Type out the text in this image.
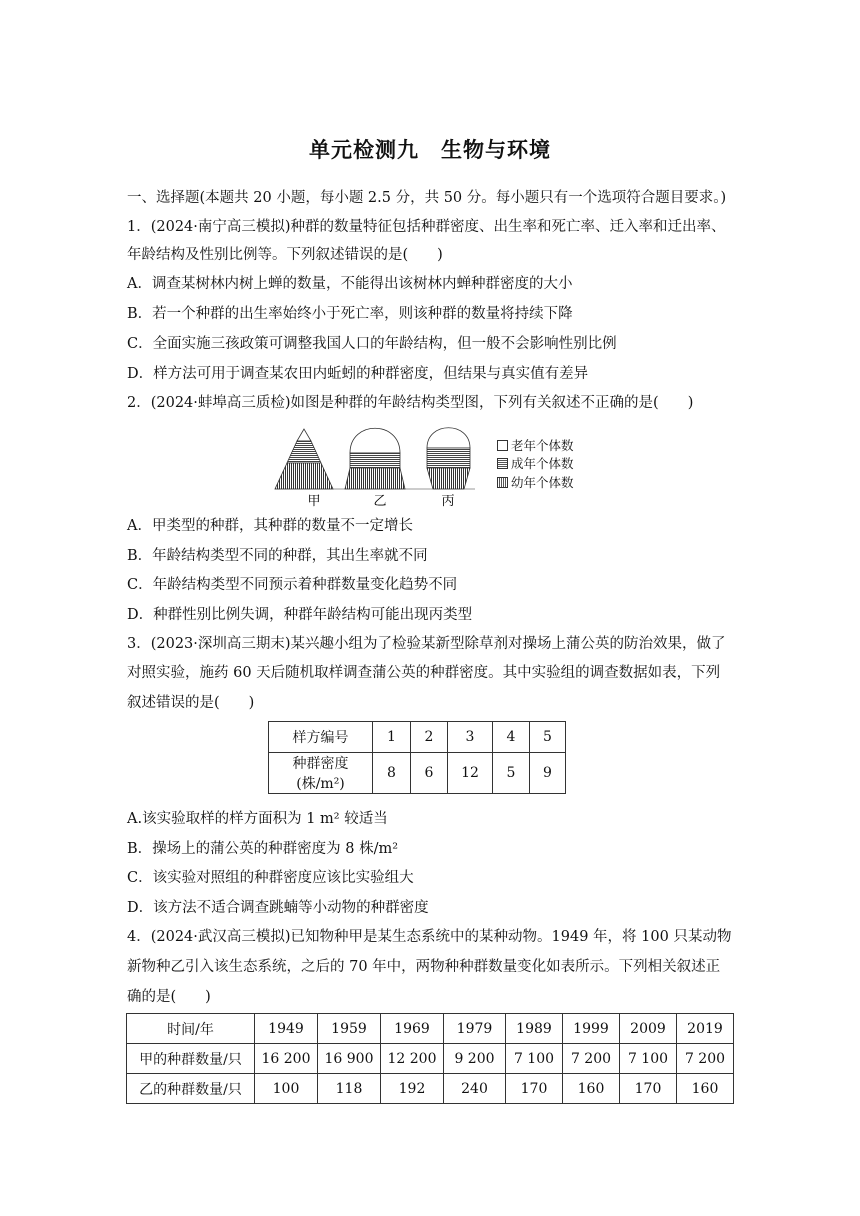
单元检测九　生物与环境
一、选择题(本题共 20 小题，每小题 2.5 分，共 50 分。每小题只有一个选项符合题目要求。)
1．(2024·南宁高三模拟)种群的数量特征包括种群密度、出生率和死亡率、迁入率和迁出率、
年龄结构及性别比例等。下列叙述错误的是(　　)
A．调查某树林内树上蝉的数量，不能得出该树林内蝉种群密度的大小
B．若一个种群的出生率始终小于死亡率，则该种群的数量将持续下降
C．全面实施三孩政策可调整我国人口的年龄结构，但一般不会影响性别比例
D．样方法可用于调查某农田内蚯蚓的种群密度，但结果与真实值有差异
2．(2024·蚌埠高三质检)如图是种群的年龄结构类型图，下列有关叙述不正确的是(　　)
甲	乙	丙
老年个体数
成年个体数
幼年个体数
A．甲类型的种群，其种群的数量不一定增长
B．年龄结构类型不同的种群，其出生率就不同
C．年龄结构类型不同预示着种群数量变化趋势不同
D．种群性别比例失调，种群年龄结构可能出现丙类型
3．(2023·深圳高三期末)某兴趣小组为了检验某新型除草剂对操场上蒲公英的防治效果，做了
对照实验，施药 60 天后随机取样调查蒲公英的种群密度。其中实验组的调查数据如表，下列
叙述错误的是(　　)
样方编号	1	2	3	4	5
种群密度(株/m²)	8	6	12	5	9
A.该实验取样的样方面积为 1 m² 较适当
B．操场上的蒲公英的种群密度为 8 株/m²
C．该实验对照组的种群密度应该比实验组大
D．该方法不适合调查跳蝻等小动物的种群密度
4．(2024·武汉高三模拟)已知物种甲是某生态系统中的某种动物。1949 年，将 100 只某动物
新物种乙引入该生态系统，之后的 70 年中，两物种种群数量变化如表所示。下列相关叙述正
确的是(　　)
时间/年	1949	1959	1969	1979	1989	1999	2009	2019
甲的种群数量/只	16 200	16 900	12 200	9 200	7 100	7 200	7 100	7 200
乙的种群数量/只	100	118	192	240	170	160	170	160
